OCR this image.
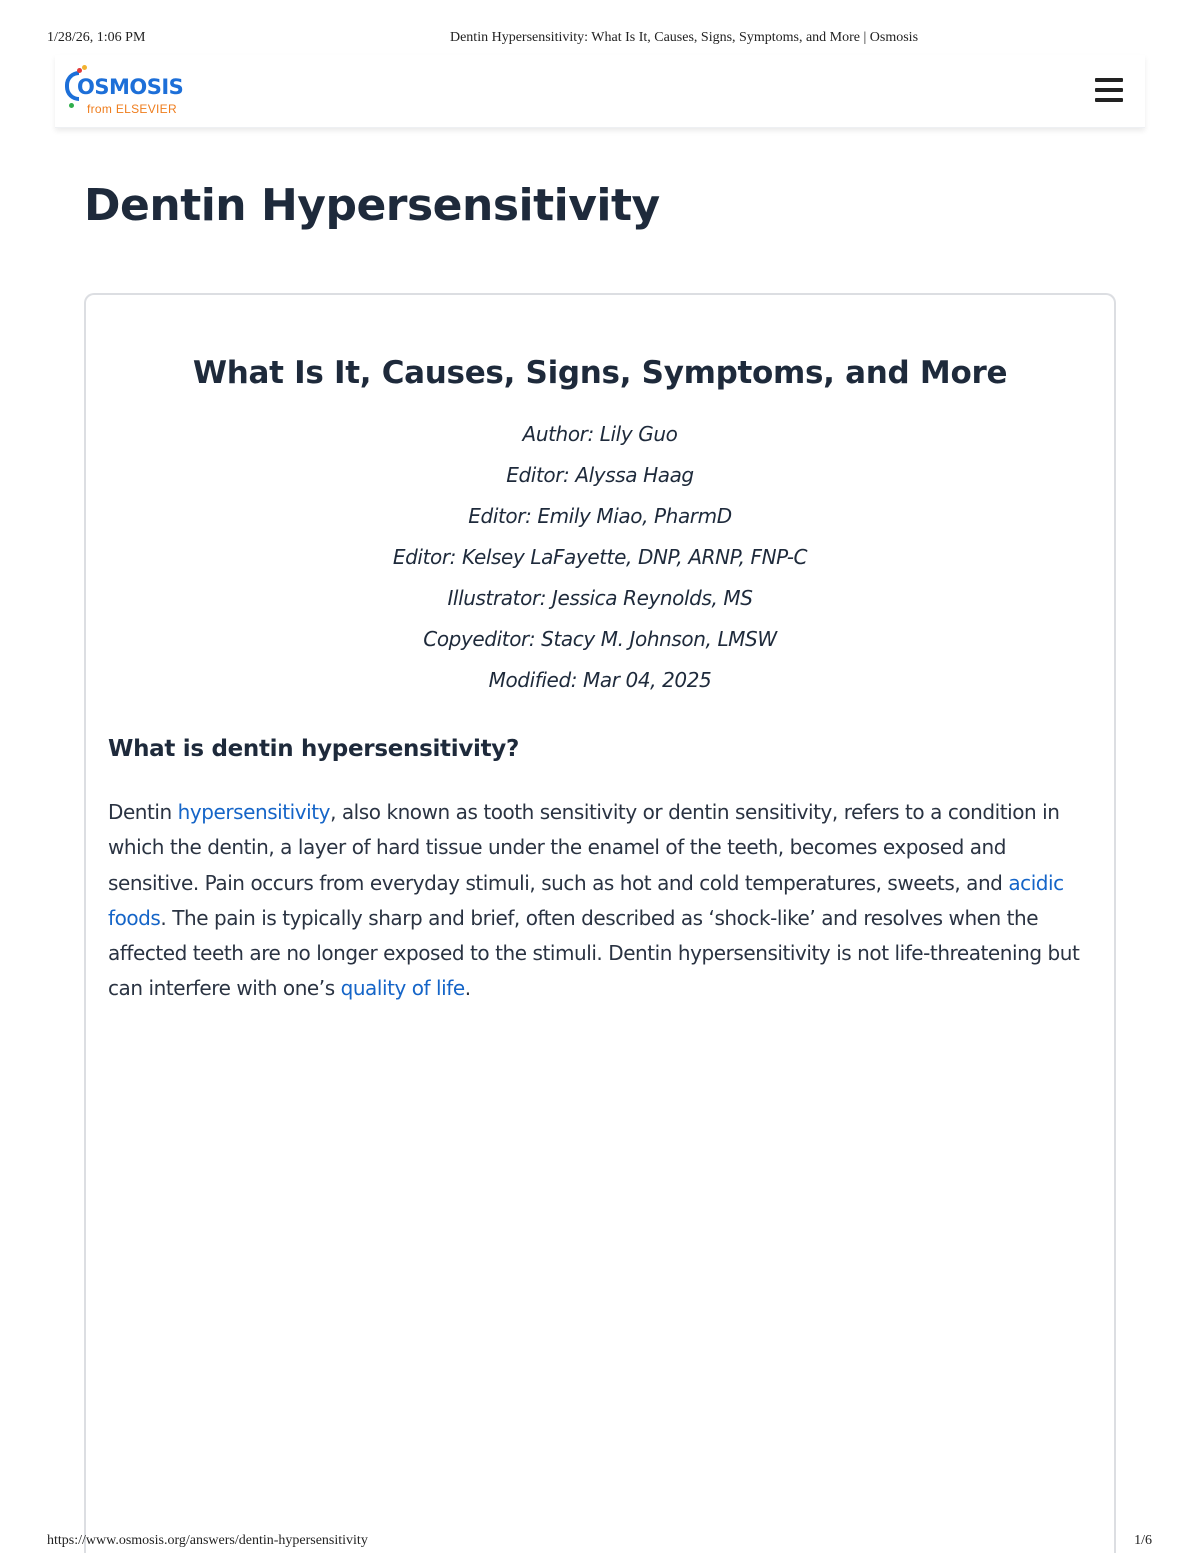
1/28/26, 1:06 PM	Dentin Hypersensitivity: What Is It, Causes, Signs, Symptoms, and More | Osmosis
OSMOSIS
from ELSEVIER
Dentin Hypersensitivity
What Is It, Causes, Signs, Symptoms, and More
Author: Lily Guo
Editor: Alyssa Haag
Editor: Emily Miao, PharmD
Editor: Kelsey LaFayette, DNP, ARNP, FNP-C
Illustrator: Jessica Reynolds, MS
Copyeditor: Stacy M. Johnson, LMSW
Modified: Mar 04, 2025
What is dentin hypersensitivity?

Dentin hypersensitivity, also known as tooth sensitivity or dentin sensitivity, refers to a condition in which the dentin, a layer of hard tissue under the enamel of the teeth, becomes exposed and sensitive. Pain occurs from everyday stimuli, such as hot and cold temperatures, sweets, and acidic foods. The pain is typically sharp and brief, often described as ‘shock-like’ and resolves when the affected teeth are no longer exposed to the stimuli. Dentin hypersensitivity is not life-threatening but can interfere with one’s quality of life.

https://www.osmosis.org/answers/dentin-hypersensitivity	1/6
